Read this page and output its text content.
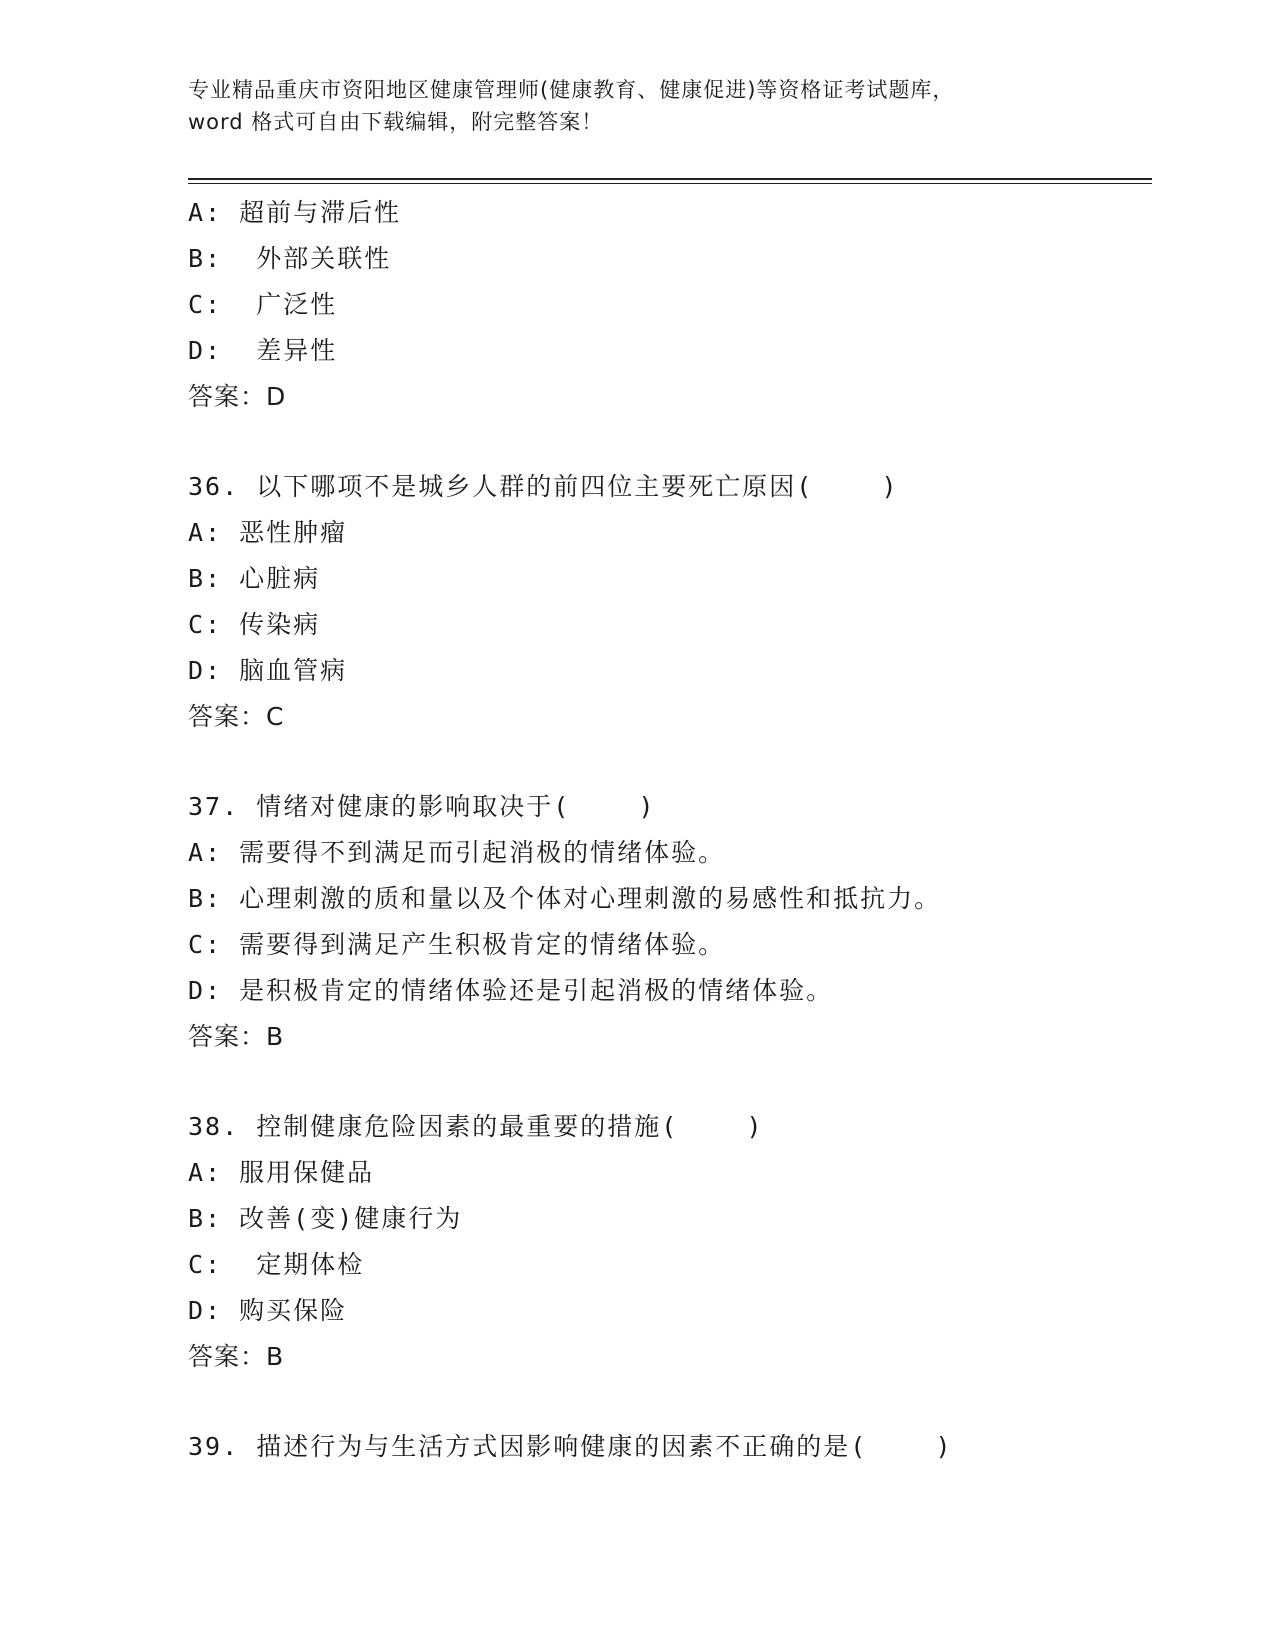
专业精品重庆市资阳地区健康管理师(健康教育、健康促进)等资格证考试题库，
word 格式可自由下载编辑，附完整答案！
A: 超前与滞后性
B:  外部关联性
C:  广泛性
D:  差异性
答案：D
36. 以下哪项不是城乡人群的前四位主要死亡原因(    )
A: 恶性肿瘤
B: 心脏病
C: 传染病
D: 脑血管病
答案：C
37. 情绪对健康的影响取决于(    )
A: 需要得不到满足而引起消极的情绪体验。
B: 心理刺激的质和量以及个体对心理刺激的易感性和抵抗力。
C: 需要得到满足产生积极肯定的情绪体验。
D: 是积极肯定的情绪体验还是引起消极的情绪体验。
答案：B
38. 控制健康危险因素的最重要的措施(    )
A: 服用保健品
B: 改善(变)健康行为
C:  定期体检
D: 购买保险
答案：B
39. 描述行为与生活方式因影响健康的因素不正确的是(    )
